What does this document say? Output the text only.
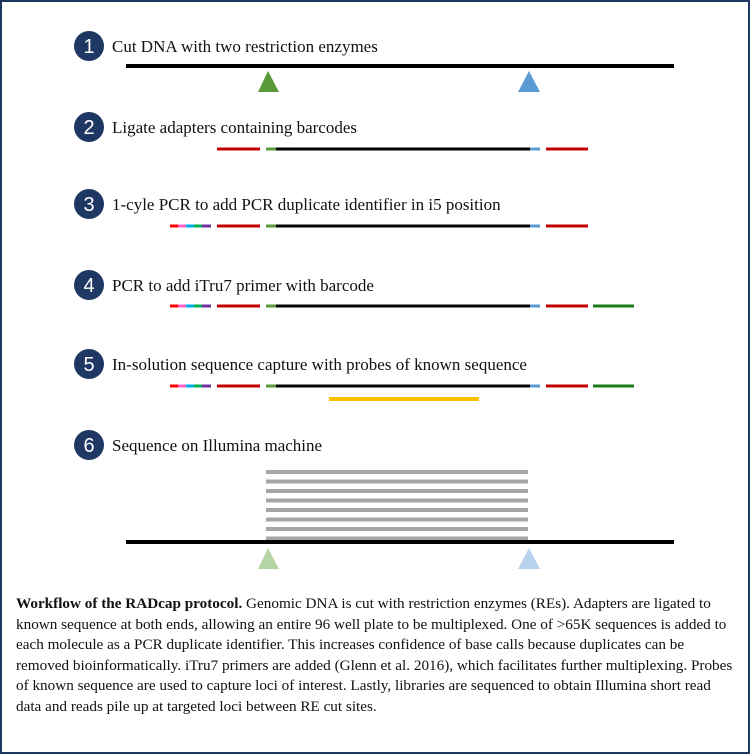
1 Cut DNA with two restriction enzymes
2 Ligate adapters containing barcodes
3 1-cyle PCR to add PCR duplicate identifier in i5 position
4 PCR to add iTru7 primer with barcode
5 In-solution sequence capture with probes of known sequence
6 Sequence on Illumina machine

Workflow of the RADcap protocol. Genomic DNA is cut with restriction enzymes (REs). Adapters are ligated to known sequence at both ends, allowing an entire 96 well plate to be multiplexed. One of >65K sequences is added to each molecule as a PCR duplicate identifier. This increases confidence of base calls because duplicates can be removed bioinformatically. iTru7 primers are added (Glenn et al. 2016), which facilitates further multiplexing. Probes of known sequence are used to capture loci of interest. Lastly, libraries are sequenced to obtain Illumina short read data and reads pile up at targeted loci between RE cut sites.
